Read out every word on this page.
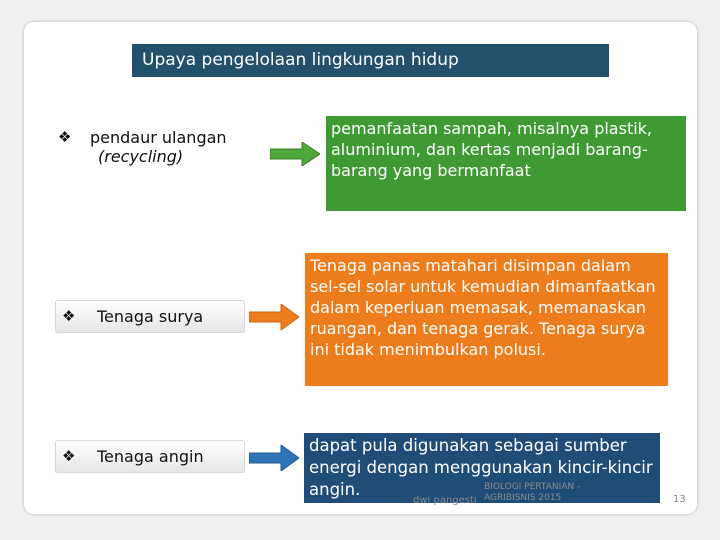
Upaya pengelolaan lingkungan hidup
❖ pendaur ulangan
(recycling)
pemanfaatan sampah, misalnya plastik, aluminium, dan kertas menjadi barang-barang yang bermanfaat
❖ Tenaga surya
Tenaga panas matahari disimpan dalam sel-sel solar untuk kemudian dimanfaatkan dalam keperluan memasak, memanaskan ruangan, dan tenaga gerak. Tenaga surya ini tidak menimbulkan polusi.
❖ Tenaga angin
dapat pula digunakan sebagai sumber energi dengan menggunakan kincir-kincir angin.
dwi pangesti
BIOLOGI PERTANIAN -
AGRIBISNIS 2015	13
